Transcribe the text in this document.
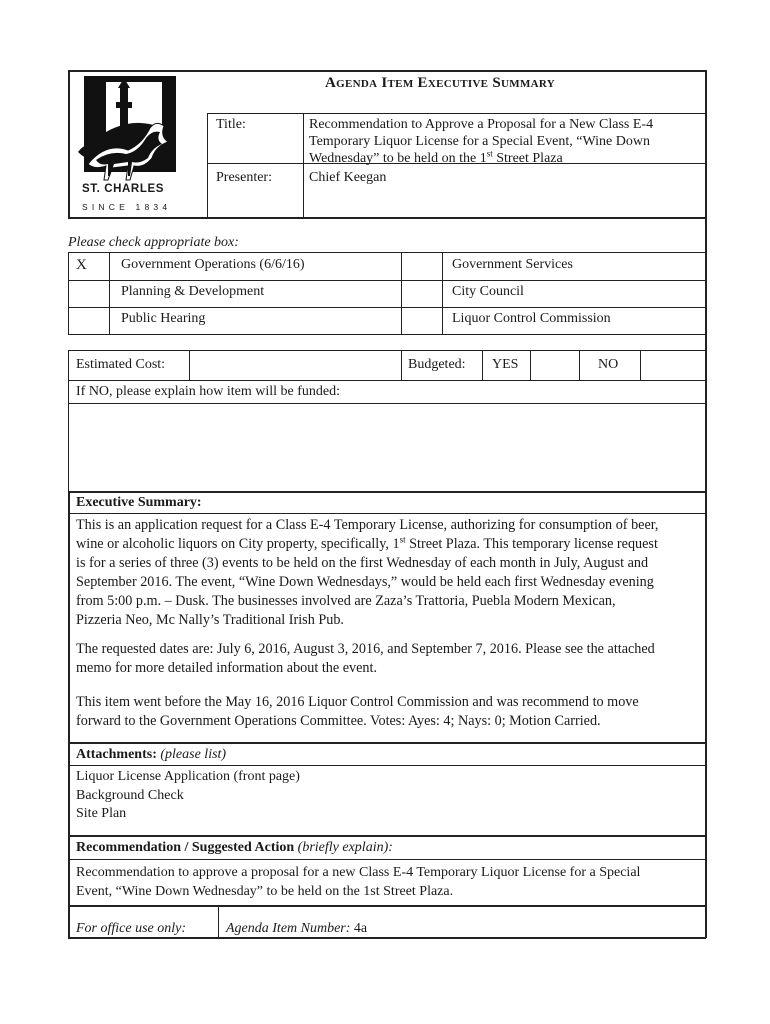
Agenda Item Executive Summary
ST. CHARLES
SINCE 1834
Title:	Recommendation to Approve a Proposal for a New Class E-4
Temporary Liquor License for a Special Event, “Wine Down
Wednesday” to be held on the 1st Street Plaza
Presenter:	Chief Keegan
Please check appropriate box:
X Government Operations (6/6/16)	Government Services
Planning & Development	City Council
Public Hearing	Liquor Control Commission
Estimated Cost:	Budgeted: YES	NO
If NO, please explain how item will be funded:
Executive Summary:

This is an application request for a Class E-4 Temporary License, authorizing for consumption of beer,

wine or alcoholic liquors on City property, specifically, 1st Street Plaza. This temporary license request

is for a series of three (3) events to be held on the first Wednesday of each month in July, August and

September 2016. The event, “Wine Down Wednesdays,” would be held each first Wednesday evening

from 5:00 p.m. – Dusk. The businesses involved are Zaza’s Trattoria, Puebla Modern Mexican,

Pizzeria Neo, Mc Nally’s Traditional Irish Pub.

The requested dates are: July 6, 2016, August 3, 2016, and September 7, 2016. Please see the attached

memo for more detailed information about the event.

This item went before the May 16, 2016 Liquor Control Commission and was recommend to move

forward to the Government Operations Committee. Votes: Ayes: 4; Nays: 0; Motion Carried.

Attachments: (please list)
Liquor License Application (front page)
Background Check
Site Plan
Recommendation / Suggested Action (briefly explain):
Recommendation to approve a proposal for a new Class E-4 Temporary Liquor License for a Special
Event, “Wine Down Wednesday” to be held on the 1st Street Plaza.
For office use only:	Agenda Item Number: 4a
